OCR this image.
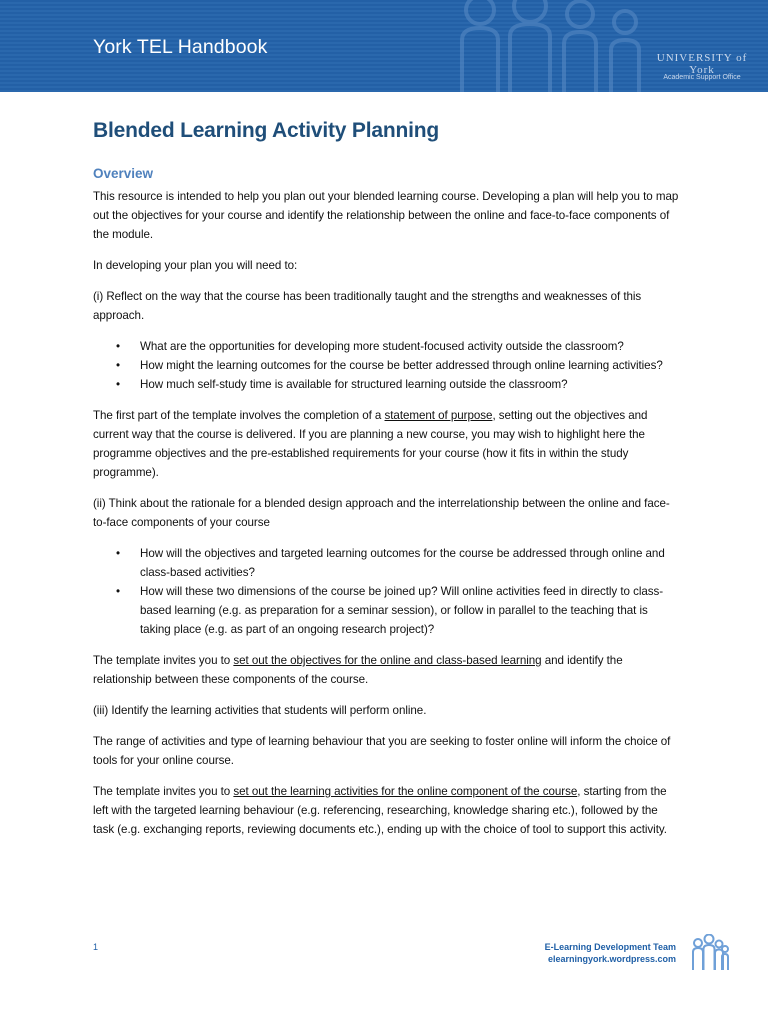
York TEL Handbook	UNIVERSITY of York
Academic Support Office
Blended Learning Activity Planning
Overview

This resource is intended to help you plan out your blended learning course. Developing a plan will help you to map out the objectives for your course and identify the relationship between the online and face-to-face components of the module.

In developing your plan you will need to:

(i) Reflect on the way that the course has been traditionally taught and the strengths and weaknesses of this approach.

• What are the opportunities for developing more student-focused activity outside the classroom?
• How might the learning outcomes for the course be better addressed through online learning activities?
• How much self-study time is available for structured learning outside the classroom?

The first part of the template involves the completion of a statement of purpose, setting out the objectives and current way that the course is delivered. If you are planning a new course, you may wish to highlight here the programme objectives and the pre-established requirements for your course (how it fits in within the study programme).

(ii) Think about the rationale for a blended design approach and the interrelationship between the online and face-to-face components of your course

• How will the objectives and targeted learning outcomes for the course be addressed through online and class-based activities?
• How will these two dimensions of the course be joined up? Will online activities feed in directly to class-based learning (e.g. as preparation for a seminar session), or follow in parallel to the teaching that is taking place (e.g. as part of an ongoing research project)?

The template invites you to set out the objectives for the online and class-based learning and identify the relationship between these components of the course.

(iii) Identify the learning activities that students will perform online.

The range of activities and type of learning behaviour that you are seeking to foster online will inform the choice of tools for your online course.

The template invites you to set out the learning activities for the online component of the course, starting from the left with the targeted learning behaviour (e.g. referencing, researching, knowledge sharing etc.), followed by the task (e.g. exchanging reports, reviewing documents etc.), ending up with the choice of tool to support this activity.

1	E-Learning Development Team
elearningyork.wordpress.com
